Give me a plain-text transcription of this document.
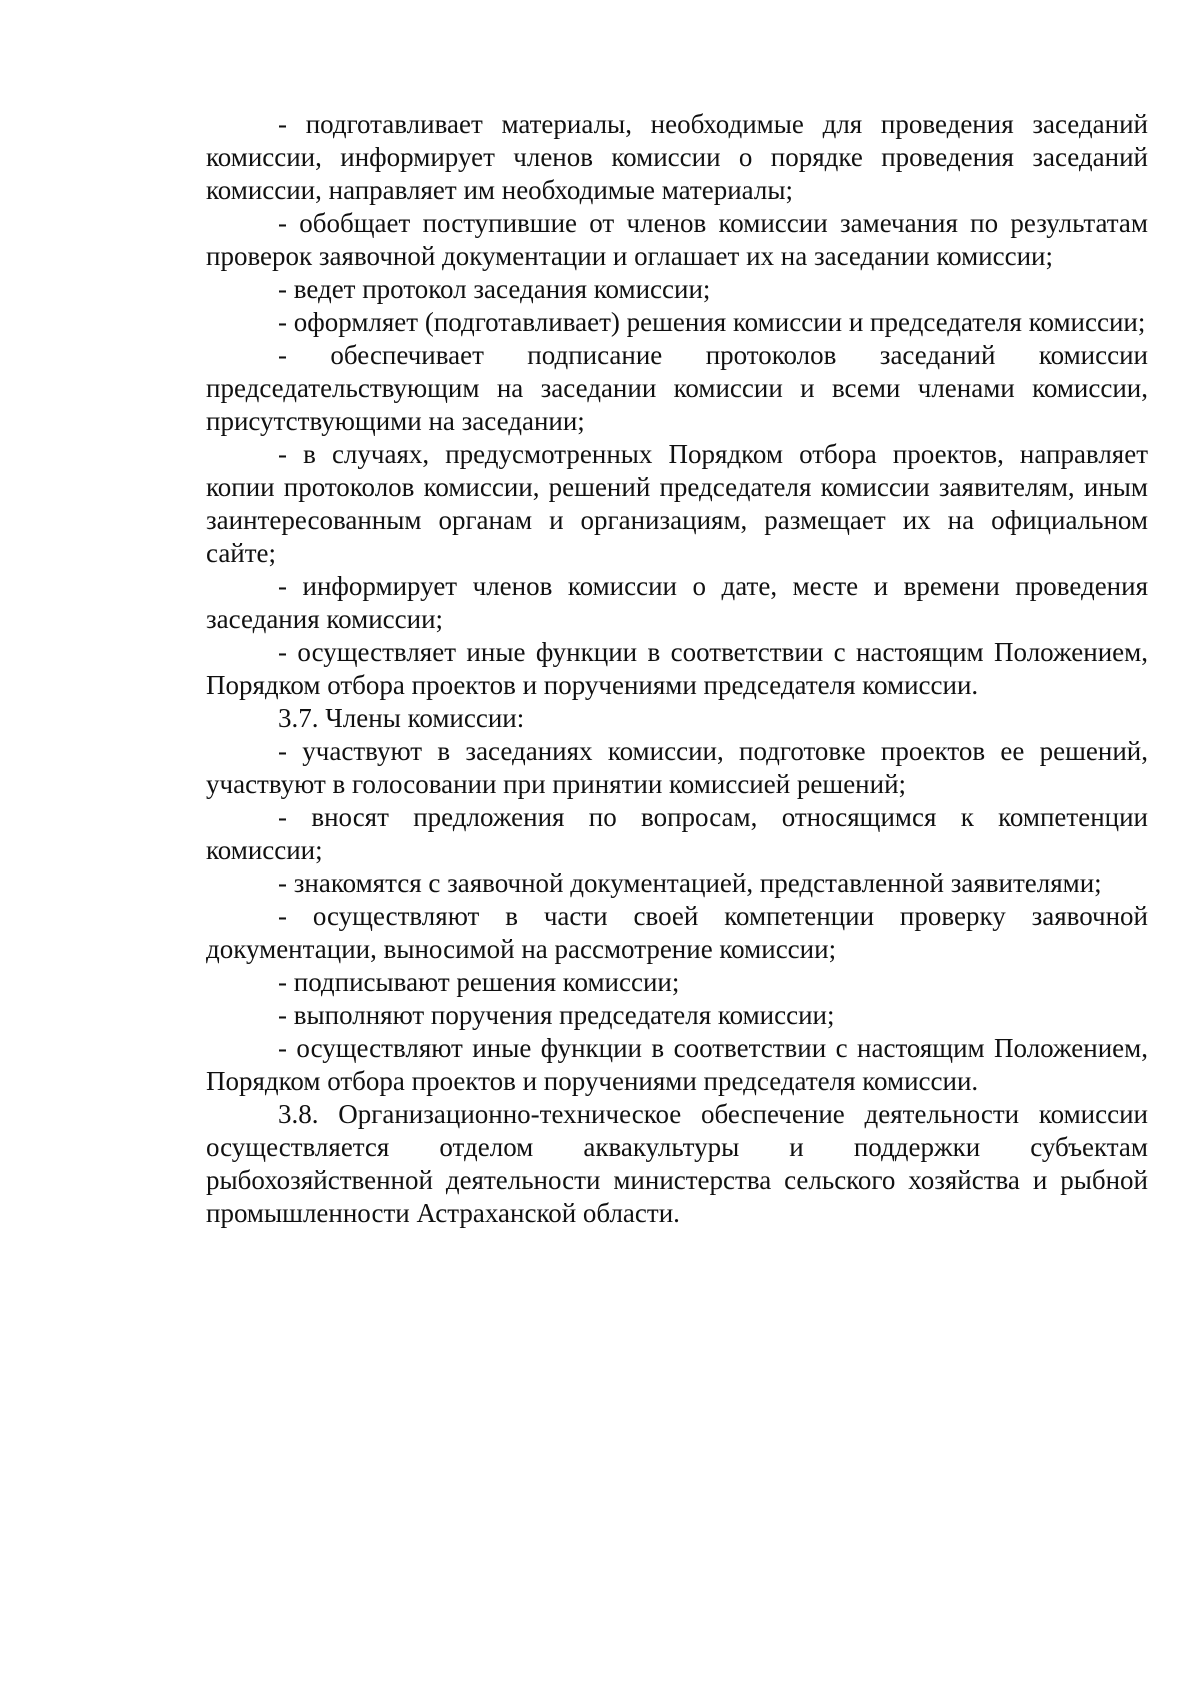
- подготавливает материалы, необходимые для проведения заседаний комиссии, информирует членов комиссии о порядке проведения заседаний комиссии, направляет им необходимые материалы;

- обобщает поступившие от членов комиссии замечания по результатам проверок заявочной документации и оглашает их на заседании комиссии;

- ведет протокол заседания комиссии;

- оформляет (подготавливает) решения комиссии и председателя комиссии;

- обеспечивает подписание протоколов заседаний комиссии председательствующим на заседании комиссии и всеми членами комиссии, присутствующими на заседании;

- в случаях, предусмотренных Порядком отбора проектов, направляет копии протоколов комиссии, решений председателя комиссии заявителям, иным заинтересованным органам и организациям, размещает их на официальном сайте;

- информирует членов комиссии о дате, месте и времени проведения заседания комиссии;

- осуществляет иные функции в соответствии с настоящим Положением, Порядком отбора проектов и поручениями председателя комиссии.

3.7. Члены комиссии:

- участвуют в заседаниях комиссии, подготовке проектов ее решений, участвуют в голосовании при принятии комиссией решений;

- вносят предложения по вопросам, относящимся к компетенции комиссии;

- знакомятся с заявочной документацией, представленной заявителями;

- осуществляют в части своей компетенции проверку заявочной документации, выносимой на рассмотрение комиссии;

- подписывают решения комиссии;

- выполняют поручения председателя комиссии;

- осуществляют иные функции в соответствии с настоящим Положением, Порядком отбора проектов и поручениями председателя комиссии.

3.8. Организационно-техническое обеспечение деятельности комиссии осуществляется отделом аквакультуры и поддержки субъектам рыбохозяйственной деятельности министерства сельского хозяйства и рыбной промышленности Астраханской области.
